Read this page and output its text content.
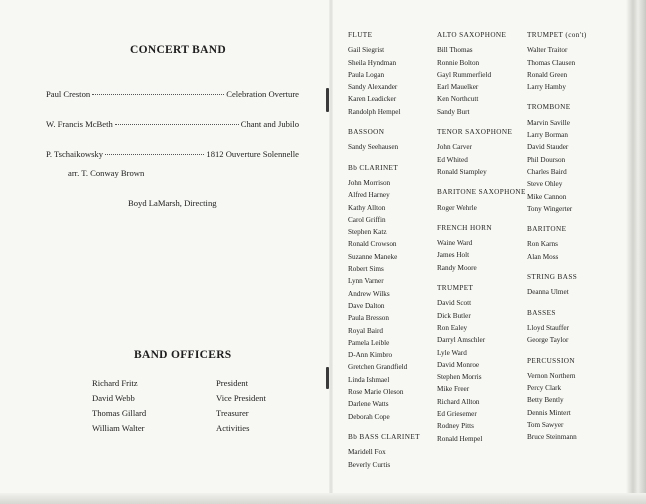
CONCERT BAND
Paul Creston	Celebration Overture
W. Francis McBeth	Chant and Jubilo
P. Tschaikowsky	1812 Ouverture Solennelle
arr. T. Conway Brown
Boyd LaMarsh, Directing
BAND OFFICERS
Richard Fritz	President
David Webb	Vice President
Thomas Gillard	Treasurer
William Walter	Activities
FLUTE
Gail Siegrist
Sheila Hyndman
Paula Logan
Sandy Alexander
Karen Leadicker
Randolph Hempel
BASSOON
Sandy Seehausen
Bb CLARINET
John Morrison
Alfred Harney
Kathy Allton
Carol Griffin
Stephen Katz
Ronald Crowson
Suzanne Maneke
Robert Sims
Lynn Varner
Andrew Wilks
Dave Dalton
Paula Bresson
Royal Baird
Pamela Leible
D-Ann Kimbro
Gretchen Grandfield
Linda Ishmael
Rose Marie Oleson
Darlene Watts
Deborah Cope
Bb BASS CLARINET
Maridell Fox
Beverly Curtis
ALTO SAXOPHONE
Bill Thomas
Ronnie Bolton
Gayl Rummerfield
Earl Mauelker
Ken Northcutt
Sandy Burt
TENOR SAXOPHONE
John Carver
Ed Whited
Ronald Stampley
BARITONE SAXOPHONE
Roger Wehrle
FRENCH HORN
Waine Ward
James Holt
Randy Moore
TRUMPET
David Scott
Dick Butler
Ron Ealey
Darryl Amschler
Lyle Ward
David Monroe
Stephen Morris
Mike Freer
Richard Allton
Ed Griesemer
Rodney Pitts
Ronald Hempel
TRUMPET (con't)
Walter Traitor
Thomas Clausen
Ronald Green
Larry Hamby
TROMBONE
Marvin Saville
Larry Borman
David Stauder
Phil Dourson
Charles Baird
Steve Ohley
Mike Cannon
Tony Wingerter
BARITONE
Ron Karns
Alan Moss
STRING BASS
Deanna Ulmet
BASSES
Lloyd Stauffer
George Taylor
PERCUSSION
Vernon Northern
Percy Clark
Betty Bently
Dennis Mintert
Tom Sawyer
Bruce Steinmann
